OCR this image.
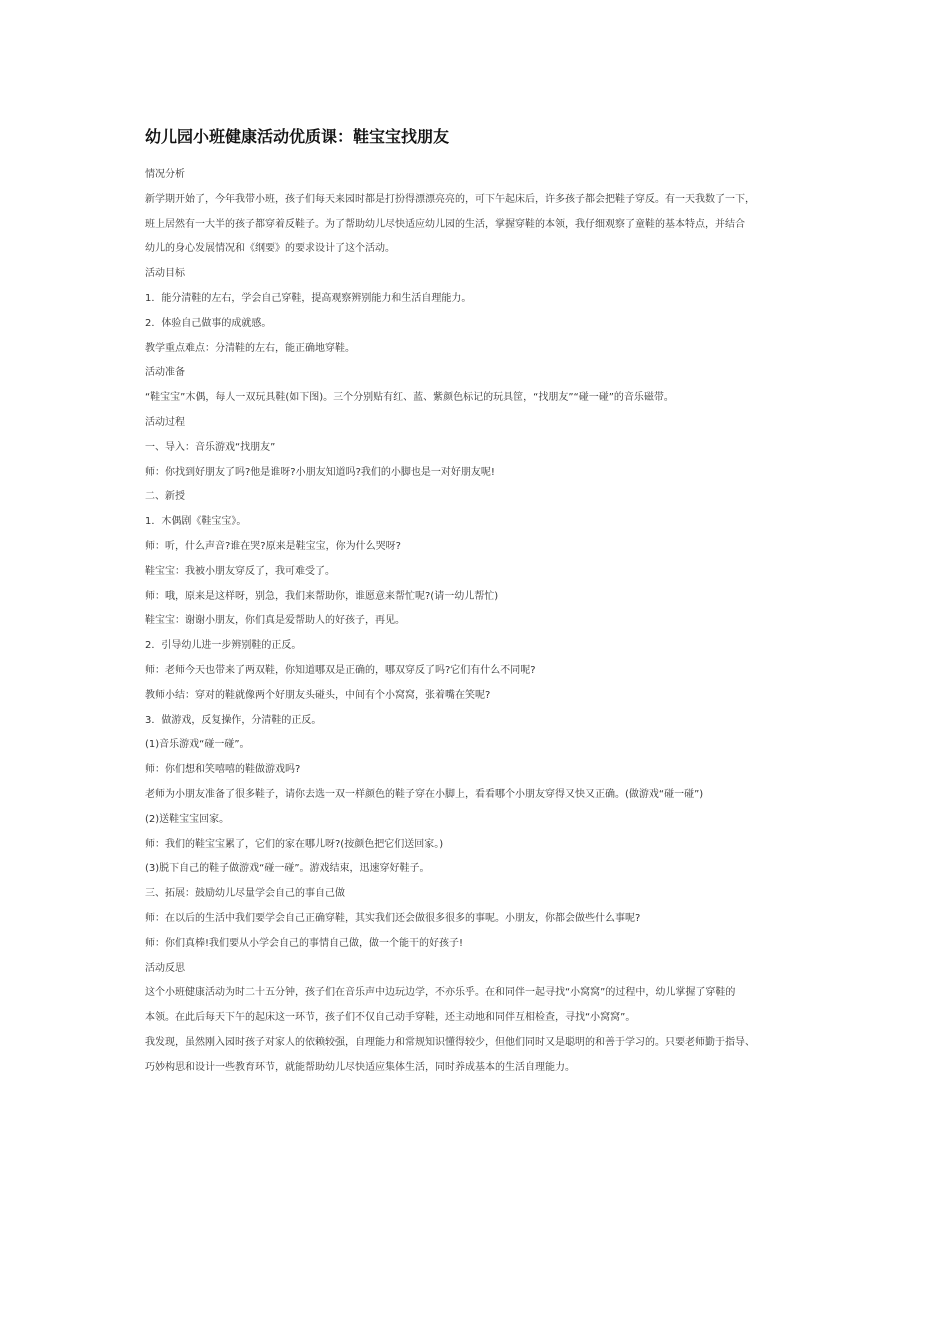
幼儿园小班健康活动优质课：鞋宝宝找朋友
情况分析
新学期开始了，今年我带小班，孩子们每天来园时都是打扮得漂漂亮亮的，可下午起床后，许多孩子都会把鞋子穿反。有一天我数了一下，
班上居然有一大半的孩子都穿着反鞋子。为了帮助幼儿尽快适应幼儿园的生活，掌握穿鞋的本领，我仔细观察了童鞋的基本特点，并结合
幼儿的身心发展情况和《纲要》的要求设计了这个活动。
活动目标
1．能分清鞋的左右，学会自己穿鞋，提高观察辨别能力和生活自理能力。
2．体验自己做事的成就感。
教学重点难点：分清鞋的左右，能正确地穿鞋。
活动准备
“鞋宝宝”木偶，每人一双玩具鞋(如下图)。三个分别贴有红、蓝、紫颜色标记的玩具筐，“找朋友”“碰一碰”的音乐磁带。
活动过程
一、导入：音乐游戏“找朋友”
师：你找到好朋友了吗?他是谁呀?小朋友知道吗?我们的小脚也是一对好朋友呢!
二、新授
1．木偶剧《鞋宝宝》。
师：听，什么声音?谁在哭?原来是鞋宝宝，你为什么哭呀?
鞋宝宝：我被小朋友穿反了，我可难受了。
师：哦，原来是这样呀，别急，我们来帮助你，谁愿意来帮忙呢?(请一幼儿帮忙)
鞋宝宝：谢谢小朋友，你们真是爱帮助人的好孩子，再见。
2．引导幼儿进一步辨别鞋的正反。
师：老师今天也带来了两双鞋，你知道哪双是正确的，哪双穿反了吗?它们有什么不同呢?
教师小结：穿对的鞋就像两个好朋友头碰头，中间有个小窝窝，张着嘴在笑呢?
3．做游戏，反复操作，分清鞋的正反。
(1)音乐游戏“碰一碰”。
师：你们想和笑嘻嘻的鞋做游戏吗?
老师为小朋友准备了很多鞋子，请你去选一双一样颜色的鞋子穿在小脚上，看看哪个小朋友穿得又快又正确。(做游戏“碰一碰”)
(2)送鞋宝宝回家。
师：我们的鞋宝宝累了，它们的家在哪儿呀?(按颜色把它们送回家。)
(3)脱下自己的鞋子做游戏“碰一碰”。游戏结束，迅速穿好鞋子。
三、拓展：鼓励幼儿尽量学会自己的事自己做
师：在以后的生活中我们要学会自己正确穿鞋，其实我们还会做很多很多的事呢。小朋友，你都会做些什么事呢?
师：你们真棒!我们要从小学会自己的事情自己做，做一个能干的好孩子!
活动反思
这个小班健康活动为时二十五分钟，孩子们在音乐声中边玩边学，不亦乐乎。在和同伴一起寻找“小窝窝”的过程中，幼儿掌握了穿鞋的
本领。在此后每天下午的起床这一环节，孩子们不仅自己动手穿鞋，还主动地和同伴互相检查，寻找“小窝窝”。
我发现，虽然刚入园时孩子对家人的依赖较强，自理能力和常规知识懂得较少，但他们同时又是聪明的和善于学习的。只要老师勤于指导、
巧妙构思和设计一些教育环节，就能帮助幼儿尽快适应集体生活，同时养成基本的生活自理能力。
